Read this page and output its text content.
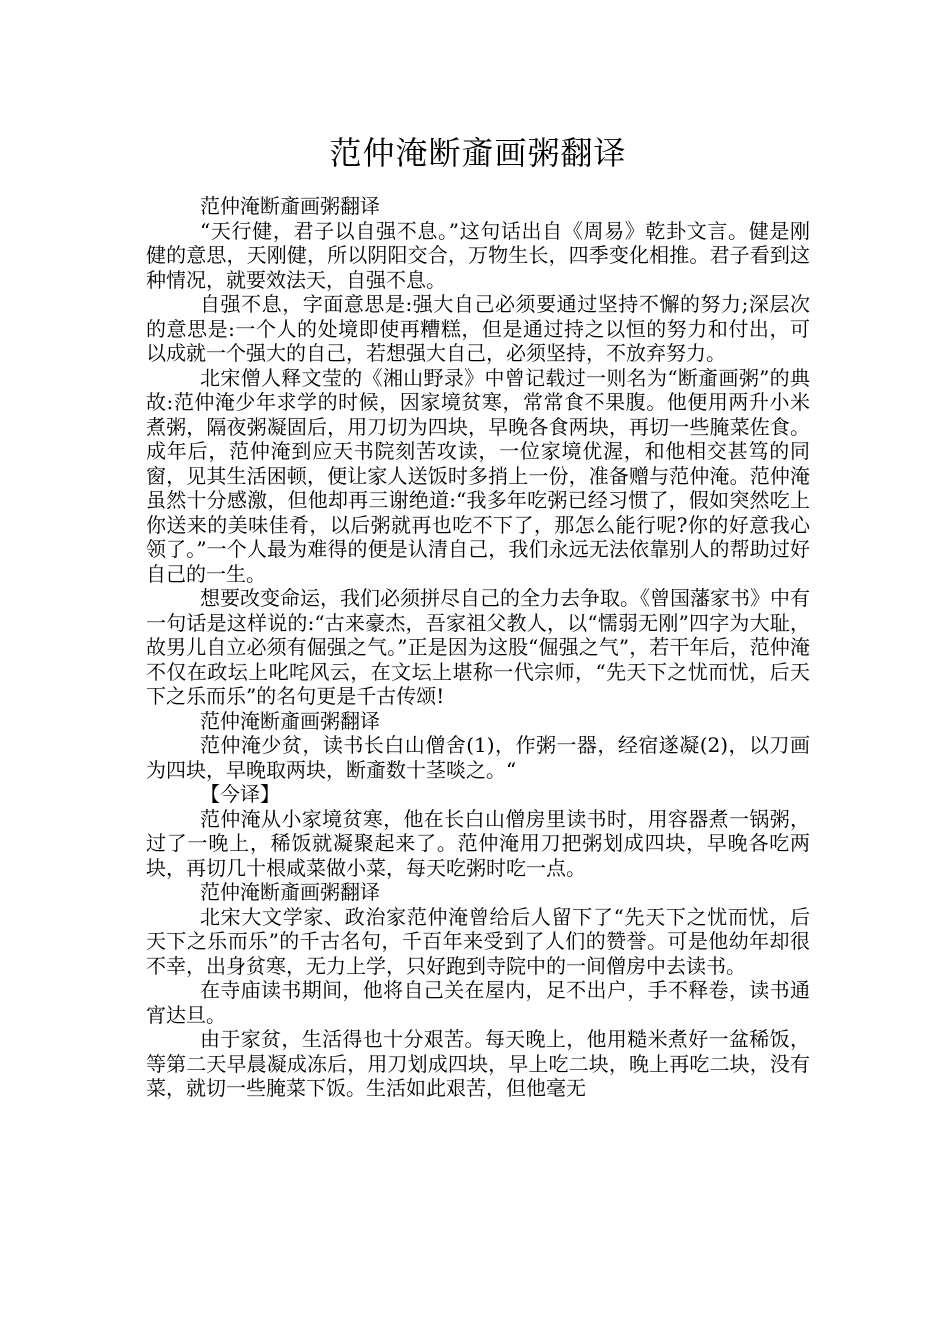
范仲淹断齑画粥翻译

范仲淹断齑画粥翻译

“天行健，君子以自强不息。”这句话出自《周易》乾卦文言。健是刚健的意思，天刚健，所以阴阳交合，万物生长，四季变化相推。君子看到这种情况，就要效法天，自强不息。

自强不息，字面意思是:强大自己必须要通过坚持不懈的努力;深层次的意思是:一个人的处境即使再糟糕，但是通过持之以恒的努力和付出，可以成就一个强大的自己，若想强大自己，必须坚持，不放弃努力。

北宋僧人释文莹的《湘山野录》中曾记载过一则名为“断齑画粥”的典故:范仲淹少年求学的时候，因家境贫寒，常常食不果腹。他便用两升小米煮粥，隔夜粥凝固后，用刀切为四块，早晚各食两块，再切一些腌菜佐食。成年后，范仲淹到应天书院刻苦攻读，一位家境优渥，和他相交甚笃的同窗，见其生活困顿，便让家人送饭时多捎上一份，准备赠与范仲淹。范仲淹虽然十分感激，但他却再三谢绝道:“我多年吃粥已经习惯了，假如突然吃上你送来的美味佳肴，以后粥就再也吃不下了，那怎么能行呢?你的好意我心领了。”一个人最为难得的便是认清自己，我们永远无法依靠别人的帮助过好自己的一生。

想要改变命运，我们必须拼尽自己的全力去争取。《曾国藩家书》中有一句话是这样说的:“古来豪杰，吾家祖父教人，以“懦弱无刚”四字为大耻，故男儿自立必须有倔强之气。”正是因为这股“倔强之气”，若干年后，范仲淹不仅在政坛上叱咤风云，在文坛上堪称一代宗师，“先天下之忧而忧，后天下之乐而乐”的名句更是千古传颂!

范仲淹断齑画粥翻译

范仲淹少贫，读书长白山僧舍(1)，作粥一器，经宿遂凝(2)，以刀画为四块，早晚取两块，断齑数十茎啖之。“

【今译】

范仲淹从小家境贫寒，他在长白山僧房里读书时，用容器煮一锅粥，过了一晚上，稀饭就凝聚起来了。范仲淹用刀把粥划成四块，早晚各吃两块，再切几十根咸菜做小菜，每天吃粥时吃一点。

范仲淹断齑画粥翻译

北宋大文学家、政治家范仲淹曾给后人留下了“先天下之忧而忧，后天下之乐而乐”的千古名句，千百年来受到了人们的赞誉。可是他幼年却很不幸，出身贫寒，无力上学，只好跑到寺院中的一间僧房中去读书。

在寺庙读书期间，他将自己关在屋内，足不出户，手不释卷，读书通宵达旦。

由于家贫，生活得也十分艰苦。每天晚上，他用糙米煮好一盆稀饭，等第二天早晨凝成冻后，用刀划成四块，早上吃二块，晚上再吃二块，没有菜，就切一些腌菜下饭。生活如此艰苦，但他毫无
